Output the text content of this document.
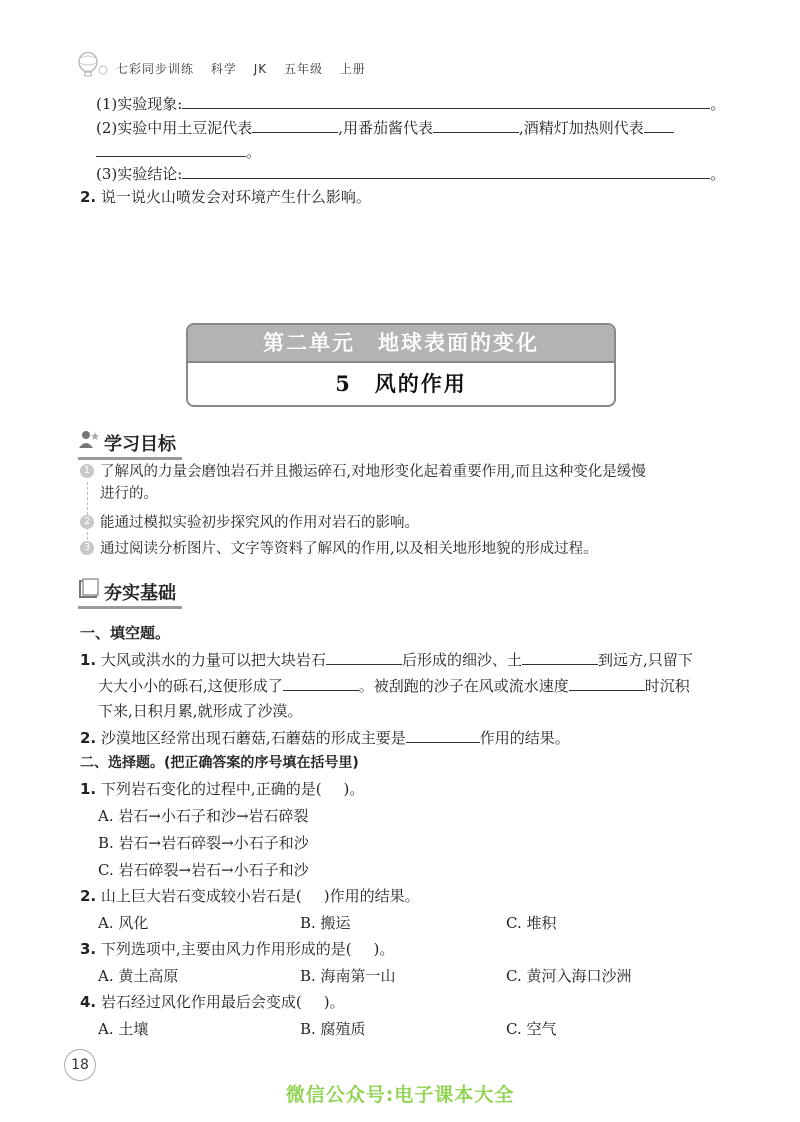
七彩同步训练 科学 JK 五年级 上册
(1)实验现象:	。
(2)实验中用土豆泥代表	,用番茄酱代表	,酒精灯加热则代表
。
(3)实验结论:	。
2. 说一说火山喷发会对环境产生什么影响。
第二单元　地球表面的变化
5　风的作用
学习目标
1 了解风的力量会磨蚀岩石并且搬运碎石,对地形变化起着重要作用,而且这种变化是缓慢
进行的。
2 能通过模拟实验初步探究风的作用对岩石的影响。
3 通过阅读分析图片、文字等资料了解风的作用,以及相关地形地貌的形成过程。
夯实基础
一、填空题。
1. 大风或洪水的力量可以把大块岩石	后形成的细沙、土	到远方,只留下
大大小小的砾石,这便形成了	。被刮跑的沙子在风或流水速度	时沉积
下来,日积月累,就形成了沙漠。
2. 沙漠地区经常出现石蘑菇,石蘑菇的形成主要是	作用的结果。
二、选择题。(把正确答案的序号填在括号里)
1. 下列岩石变化的过程中,正确的是( )。
A. 岩石→小石子和沙→岩石碎裂
B. 岩石→岩石碎裂→小石子和沙
C. 岩石碎裂→岩石→小石子和沙
2. 山上巨大岩石变成较小岩石是( )作用的结果。
A. 风化	B. 搬运	C. 堆积
3. 下列选项中,主要由风力作用形成的是( )。
A. 黄土高原	B. 海南第一山	C. 黄河入海口沙洲
4. 岩石经过风化作用最后会变成( )。
A. 土壤	B. 腐殖质	C. 空气
18
微信公众号:电子课本大全
